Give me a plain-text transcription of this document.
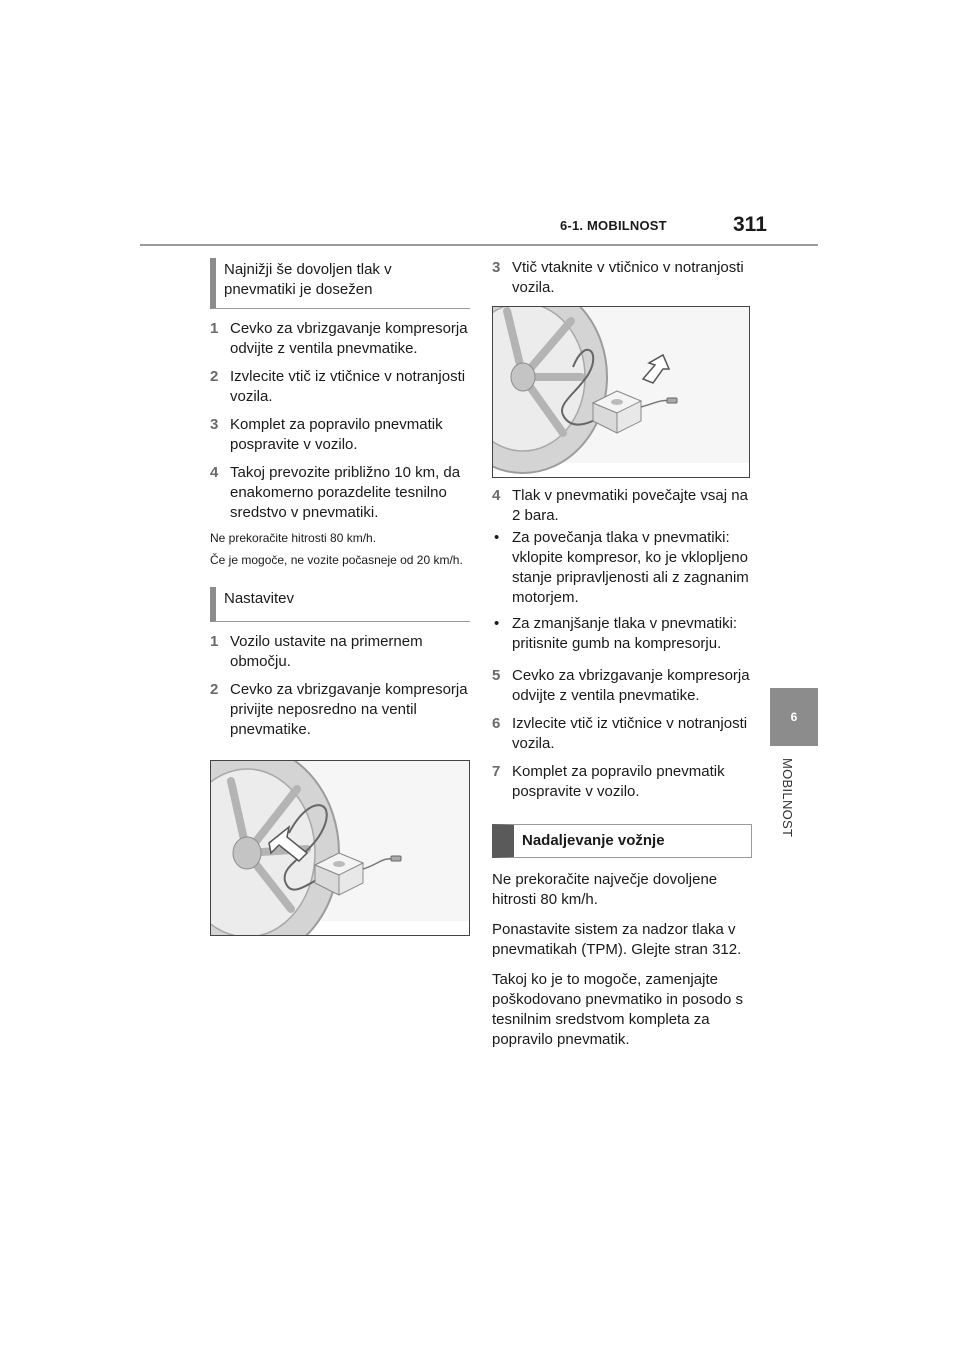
6-1. MOBILNOST	311
6
MOBILNOST
Najnižji še dovoljen tlak v pnevmatiki je dosežen
1 Cevko za vbrizgavanje kompresorja odvijte z ventila pnevmatike.
2 Izvlecite vtič iz vtičnice v notranjosti vozila.
3 Komplet za popravilo pnevmatik pospravite v vozilo.
4 Takoj prevozite približno 10 km, da enakomerno porazdelite tesnilno sredstvo v pnevmatiki.

Ne prekoračite hitrosti 80 km/h.

Če je mogoče, ne vozite počasneje od 20 km/h.

Nastavitev
1 Vozilo ustavite na primernem območju.
2 Cevko za vbrizgavanje kompresorja privijte neposredno na ventil pnevmatike.
3 Vtič vtaknite v vtičnico v notranjosti vozila.
4 Tlak v pnevmatiki povečajte vsaj na 2 bara.
• Za povečanja tlaka v pnevmatiki: vklopite kompresor, ko je vklopljeno stanje pripravljenosti ali z zagnanim motorjem.
• Za zmanjšanje tlaka v pnevmatiki: pritisnite gumb na kompresorju.
5 Cevko za vbrizgavanje kompresorja odvijte z ventila pnevmatike.
6 Izvlecite vtič iz vtičnice v notranjosti vozila.
7 Komplet za popravilo pnevmatik pospravite v vozilo.
Nadaljevanje vožnje

Ne prekoračite največje dovoljene hitrosti 80 km/h.

Ponastavite sistem za nadzor tlaka v pnevmatikah (TPM). Glejte stran 312.

Takoj ko je to mogoče, zamenjajte poškodovano pnevmatiko in posodo s tesnilnim sredstvom kompleta za popravilo pnevmatik.
